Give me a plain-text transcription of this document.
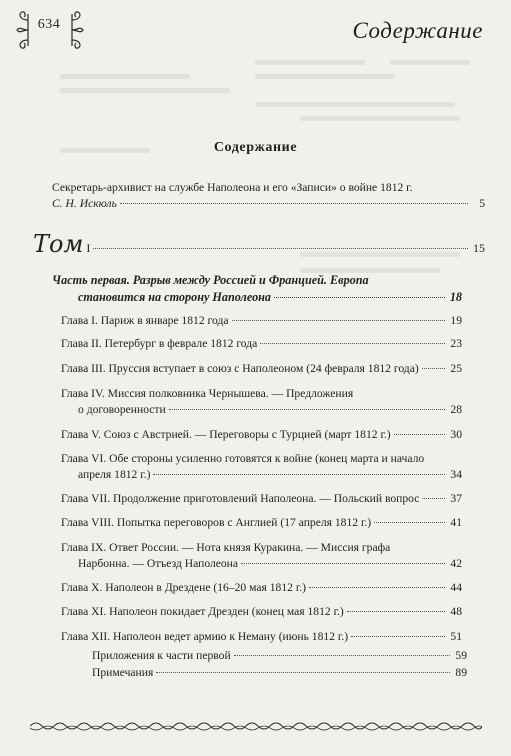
634	Содержание
Содержание
Секретарь-архивист на службе Наполеона и его «Записи» о войне 1812 г.
С. Н. Искюль	5
Том I	15
Часть первая. Разрыв между Россией и Францией. Европа
становится на сторону Наполеона	18
Глава I. Париж в январе 1812 года	19
Глава II. Петербург в феврале 1812 года	23
Глава III. Пруссия вступает в союз с Наполеоном (24 февраля 1812 года)	25
Глава IV. Миссия полковника Чернышева. — Предложения
о договоренности	28
Глава V. Союз с Австрией. — Переговоры с Турцией (март 1812 г.)	30
Глава VI. Обе стороны усиленно готовятся к войне (конец марта и начало
апреля 1812 г.)	34
Глава VII. Продолжение приготовлений Наполеона. — Польский вопрос	37
Глава VIII. Попытка переговоров с Англией (17 апреля 1812 г.)	41
Глава IX. Ответ России. — Нота князя Куракина. — Миссия графа
Нарбонна. — Отъезд Наполеона	42
Глава X. Наполеон в Дрездене (16–20 мая 1812 г.)	44
Глава XI. Наполеон покидает Дрезден (конец мая 1812 г.)	48
Глава XII. Наполеон ведет армию к Неману (июнь 1812 г.)	51
Приложения к части первой	59
Примечания	89
